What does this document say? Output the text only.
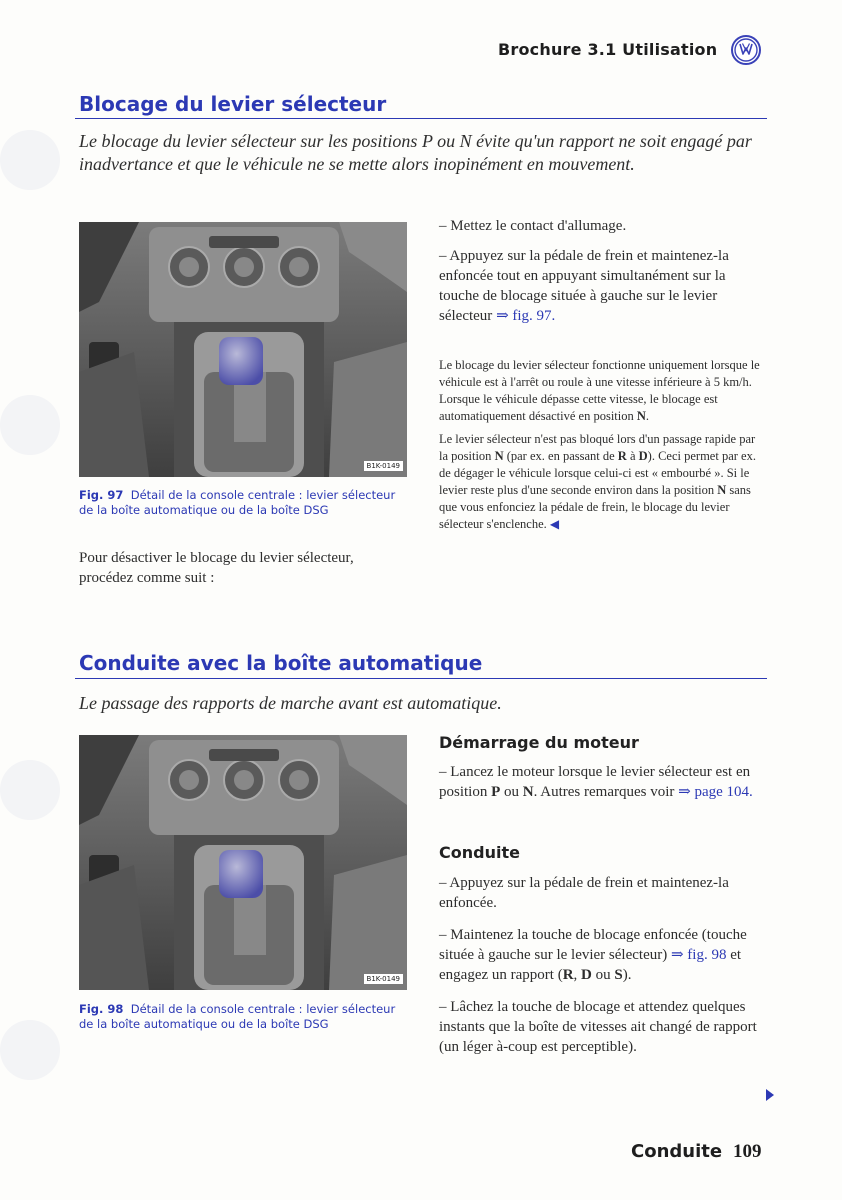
Brochure 3.1 Utilisation
Blocage du levier sélecteur
Le blocage du levier sélecteur sur les positions P ou N évite qu'un rapport ne soit engagé par inadvertance et que le véhicule ne se mette alors inopinément en mouvement.
B1K-0149
Fig. 97 Détail de la console centrale : levier sélecteur de la boîte automatique ou de la boîte DSG
Pour désactiver le blocage du levier sélecteur, procédez comme suit :

– Mettez le contact d'allumage.

– Appuyez sur la pédale de frein et maintenez-la enfoncée tout en appuyant simultanément sur la touche de blocage située à gauche sur le levier sélecteur ⇒ fig. 97.

Le blocage du levier sélecteur fonctionne uniquement lorsque le véhicule est à l'arrêt ou roule à une vitesse inférieure à 5 km/h. Lorsque le véhicule dépasse cette vitesse, le blocage est automatiquement désactivé en position N.

Le levier sélecteur n'est pas bloqué lors d'un passage rapide par la position N (par ex. en passant de R à D). Ceci permet par ex. de dégager le véhicule lorsque celui-ci est « embourbé ». Si le levier reste plus d'une seconde environ dans la position N sans que vous enfonciez la pédale de frein, le blocage du levier sélecteur s'enclenche. ◀

Conduite avec la boîte automatique
Le passage des rapports de marche avant est automatique.
B1K-0149
Fig. 98 Détail de la console centrale : levier sélecteur de la boîte automatique ou de la boîte DSG
Démarrage du moteur
– Lancez le moteur lorsque le levier sélecteur est en position P ou N. Autres remarques voir ⇒ page 104.
Conduite

– Appuyez sur la pédale de frein et maintenez-la enfoncée.

– Maintenez la touche de blocage enfoncée (touche située à gauche sur le levier sélecteur) ⇒ fig. 98 et engagez un rapport (R, D ou S).

– Lâchez la touche de blocage et attendez quelques instants que la boîte de vitesses ait changé de rapport (un léger à-coup est perceptible).

Conduite 109
